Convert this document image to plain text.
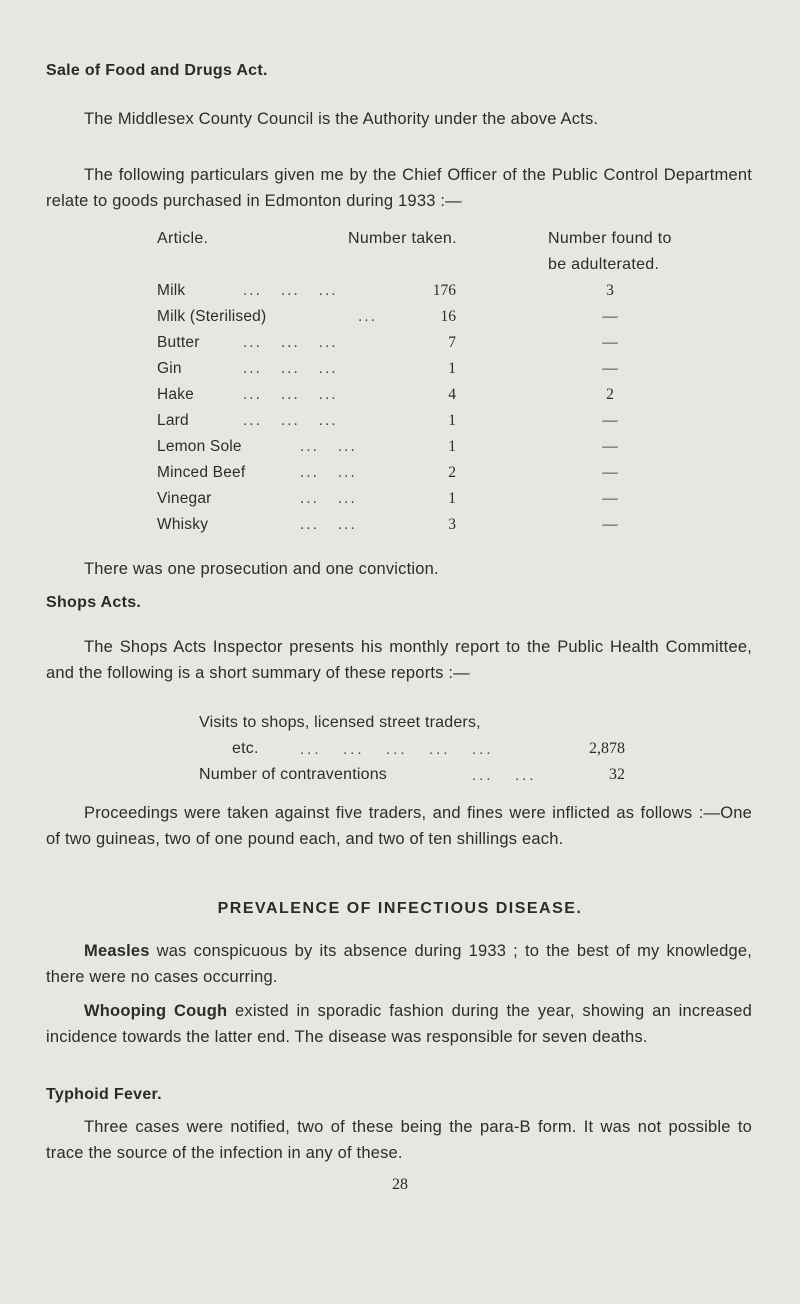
Sale of Food and Drugs Act.
The Middlesex County Council is the Authority under the above Acts.
The following particulars given me by the Chief Officer of the Public Control Department relate to goods purchased in Edmonton during 1933 :—
Article.	Number taken.	Number found to
be adulterated.
Milk	...   ...   ...	176	3
Milk (Sterilised)	...	16	—
Butter	...   ...   ...	7	—
Gin	...   ...   ...	1	—
Hake	...   ...   ...	4	2
Lard	...   ...   ...	1	—
Lemon Sole	...   ...	1	—
Minced Beef	...   ...	2	—
Vinegar	...   ...	1	—
Whisky	...   ...	3	—
There was one prosecution and one conviction.
Shops Acts.
The Shops Acts Inspector presents his monthly report to the Public Health Committee, and the following is a short summary of these reports :—
Visits to shops, licensed street traders,
etc.	...   ...   ...   ...   ...	2,878
Number of contraventions	...   ...	32
Proceedings were taken against five traders, and fines were inflicted as follows :—One of two guineas, two of one pound each, and two of ten shillings each.
PREVALENCE OF INFECTIOUS DISEASE.
Measles was conspicuous by its absence during 1933 ; to the best of my knowledge, there were no cases occurring.
Whooping Cough existed in sporadic fashion during the year, showing an increased incidence towards the latter end. The disease was responsible for seven deaths.
Typhoid Fever.
Three cases were notified, two of these being the para-B form. It was not possible to trace the source of the infection in any of these.
28
